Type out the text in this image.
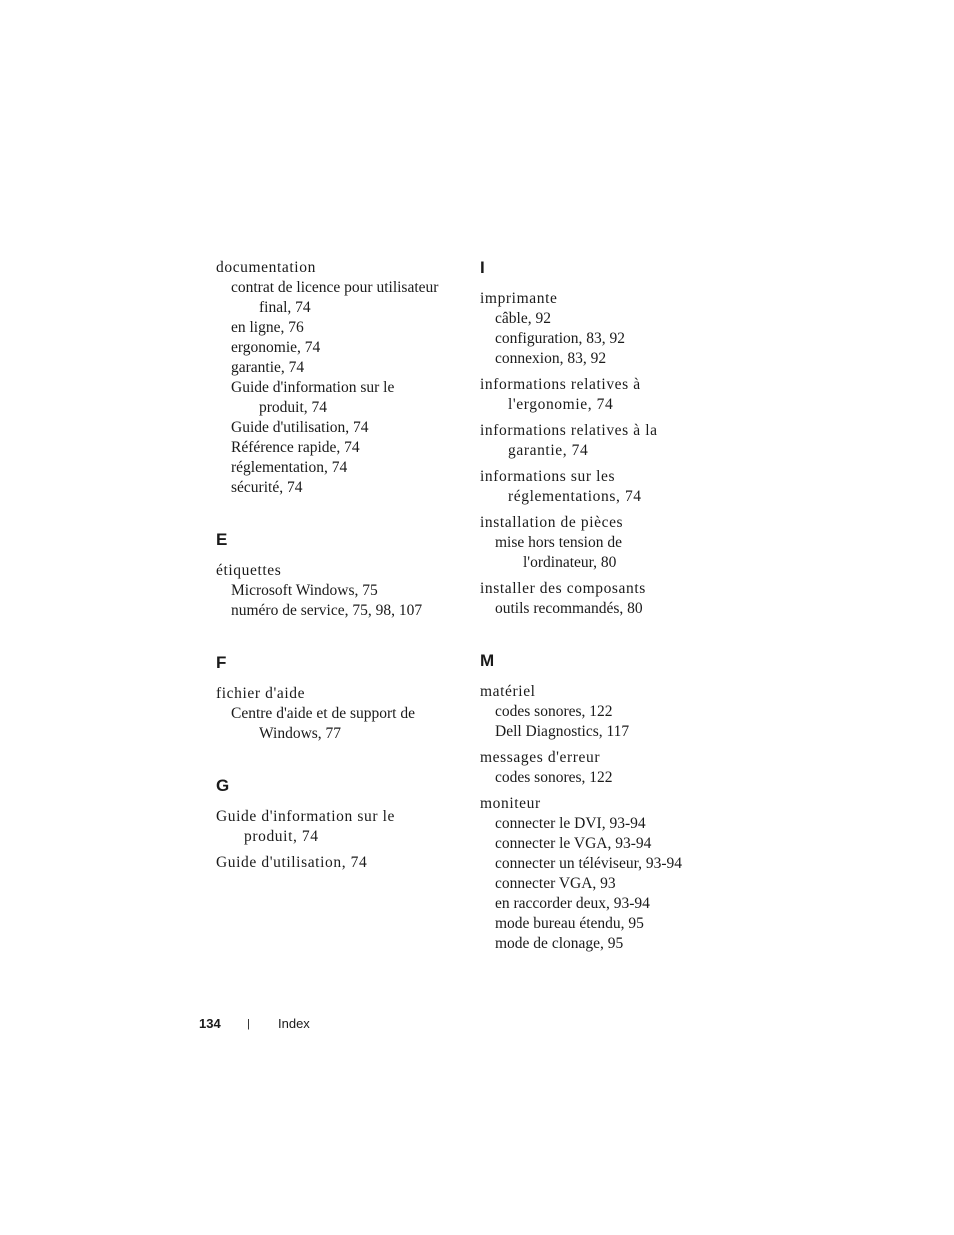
documentation
contrat de licence pour utilisateur
final, 74
en ligne, 76
ergonomie, 74
garantie, 74
Guide d'information sur le
produit, 74
Guide d'utilisation, 74
Référence rapide, 74
réglementation, 74
sécurité, 74
E
étiquettes
Microsoft Windows, 75
numéro de service, 75, 98, 107
F
fichier d'aide
Centre d'aide et de support de
Windows, 77
G
Guide d'information sur le
produit, 74
Guide d'utilisation, 74
I
imprimante
câble, 92
configuration, 83, 92
connexion, 83, 92
informations relatives à
l'ergonomie, 74
informations relatives à la
garantie, 74
informations sur les
réglementations, 74
installation de pièces
mise hors tension de
l'ordinateur, 80
installer des composants
outils recommandés, 80
M
matériel
codes sonores, 122
Dell Diagnostics, 117
messages d'erreur
codes sonores, 122
moniteur
connecter le DVI, 93-94
connecter le VGA, 93-94
connecter un téléviseur, 93-94
connecter VGA, 93
en raccorder deux, 93-94
mode bureau étendu, 95
mode de clonage, 95
134 | Index
